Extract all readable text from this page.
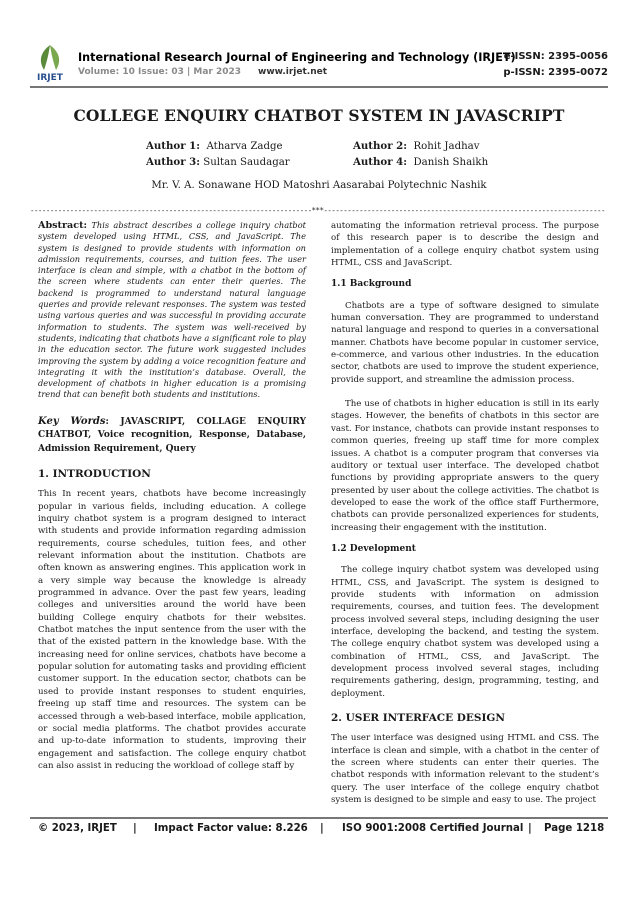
IRJET
International Research Journal of Engineering and Technology (IRJET)
e-ISSN: 2395-0056
Volume: 10 Issue: 03 | Mar 2023 www.irjet.net	p-ISSN: 2395-0072
COLLEGE ENQUIRY CHATBOT SYSTEM IN JAVASCRIPT
Author 1: Atharva Zadge	Author 2: Rohit Jadhav
Author 3: Sultan Saudagar	Author 4: Danish Shaikh
Mr. V. A. Sonawane HOD Matoshri Aasarabai Polytechnic Nashik
-----------------------------------------------------------------------***-----------------------------------------------------------------------

Abstract: This abstract describes a college inquiry chatbot system developed using HTML, CSS, and JavaScript. The system is designed to provide students with information on admission requirements, courses, and tuition fees. The user interface is clean and simple, with a chatbot in the bottom of the screen where students can enter their queries. The backend is programmed to understand natural language queries and provide relevant responses. The system was tested using various queries and was successful in providing accurate information to students. The system was well-received by students, indicating that chatbots have a significant role to play in the education sector. The future work suggested includes improving the system by adding a voice recognition feature and integrating it with the institution’s database. Overall, the development of chatbots in higher education is a promising trend that can benefit both students and institutions.

Key Words: JAVASCRIPT, COLLAGE ENQUIRY CHATBOT, Voice recognition, Response, Database, Admission Requirement, Query

1. INTRODUCTION

This In recent years, chatbots have become increasingly popular in various fields, including education. A college inquiry chatbot system is a program designed to interact with students and provide information regarding admission requirements, course schedules, tuition fees, and other relevant information about the institution. Chatbots are often known as answering engines. This application work in a very simple way because the knowledge is already programmed in advance. Over the past few years, leading colleges and universities around the world have been building College enquiry chatbots for their websites. Chatbot matches the input sentence from the user with the that of the existed pattern in the knowledge base. With the increasing need for online services, chatbots have become a popular solution for automating tasks and providing efficient customer support. In the education sector, chatbots can be used to provide instant responses to student enquiries, freeing up staff time and resources. The system can be accessed through a web-based interface, mobile application, or social media platforms. The chatbot provides accurate and up-to-date information to students, improving their engagement and satisfaction. The college enquiry chatbot can also assist in reducing the workload of college staff by

automating the information retrieval process. The purpose of this research paper is to describe the design and implementation of a college enquiry chatbot system using HTML, CSS and JavaScript.

1.1 Background

Chatbots are a type of software designed to simulate human conversation. They are programmed to understand natural language and respond to queries in a conversational manner. Chatbots have become popular in customer service, e-commerce, and various other industries. In the education sector, chatbots are used to improve the student experience, provide support, and streamline the admission process.

The use of chatbots in higher education is still in its early stages. However, the benefits of chatbots in this sector are vast. For instance, chatbots can provide instant responses to common queries, freeing up staff time for more complex issues. A chatbot is a computer program that converses via auditory or textual user interface. The developed chatbot functions by providing appropriate answers to the query presented by user about the college activities. The chatbot is developed to ease the work of the office staff Furthermore, chatbots can provide personalized experiences for students, increasing their engagement with the institution.

1.2 Development

The college inquiry chatbot system was developed using HTML, CSS, and JavaScript. The system is designed to provide students with information on admission requirements, courses, and tuition fees. The development process involved several steps, including designing the user interface, developing the backend, and testing the system. The college enquiry chatbot system was developed using a combination of HTML, CSS, and JavaScript. The development process involved several stages, including requirements gathering, design, programming, testing, and deployment.

2. USER INTERFACE DESIGN

The user interface was designed using HTML and CSS. The interface is clean and simple, with a chatbot in the center of the screen where students can enter their queries. The chatbot responds with information relevant to the student’s query. The user interface of the college enquiry chatbot system is designed to be simple and easy to use. The project

© 2023, IRJET | Impact Factor value: 8.226 | ISO 9001:2008 Certified Journal | Page 1218
